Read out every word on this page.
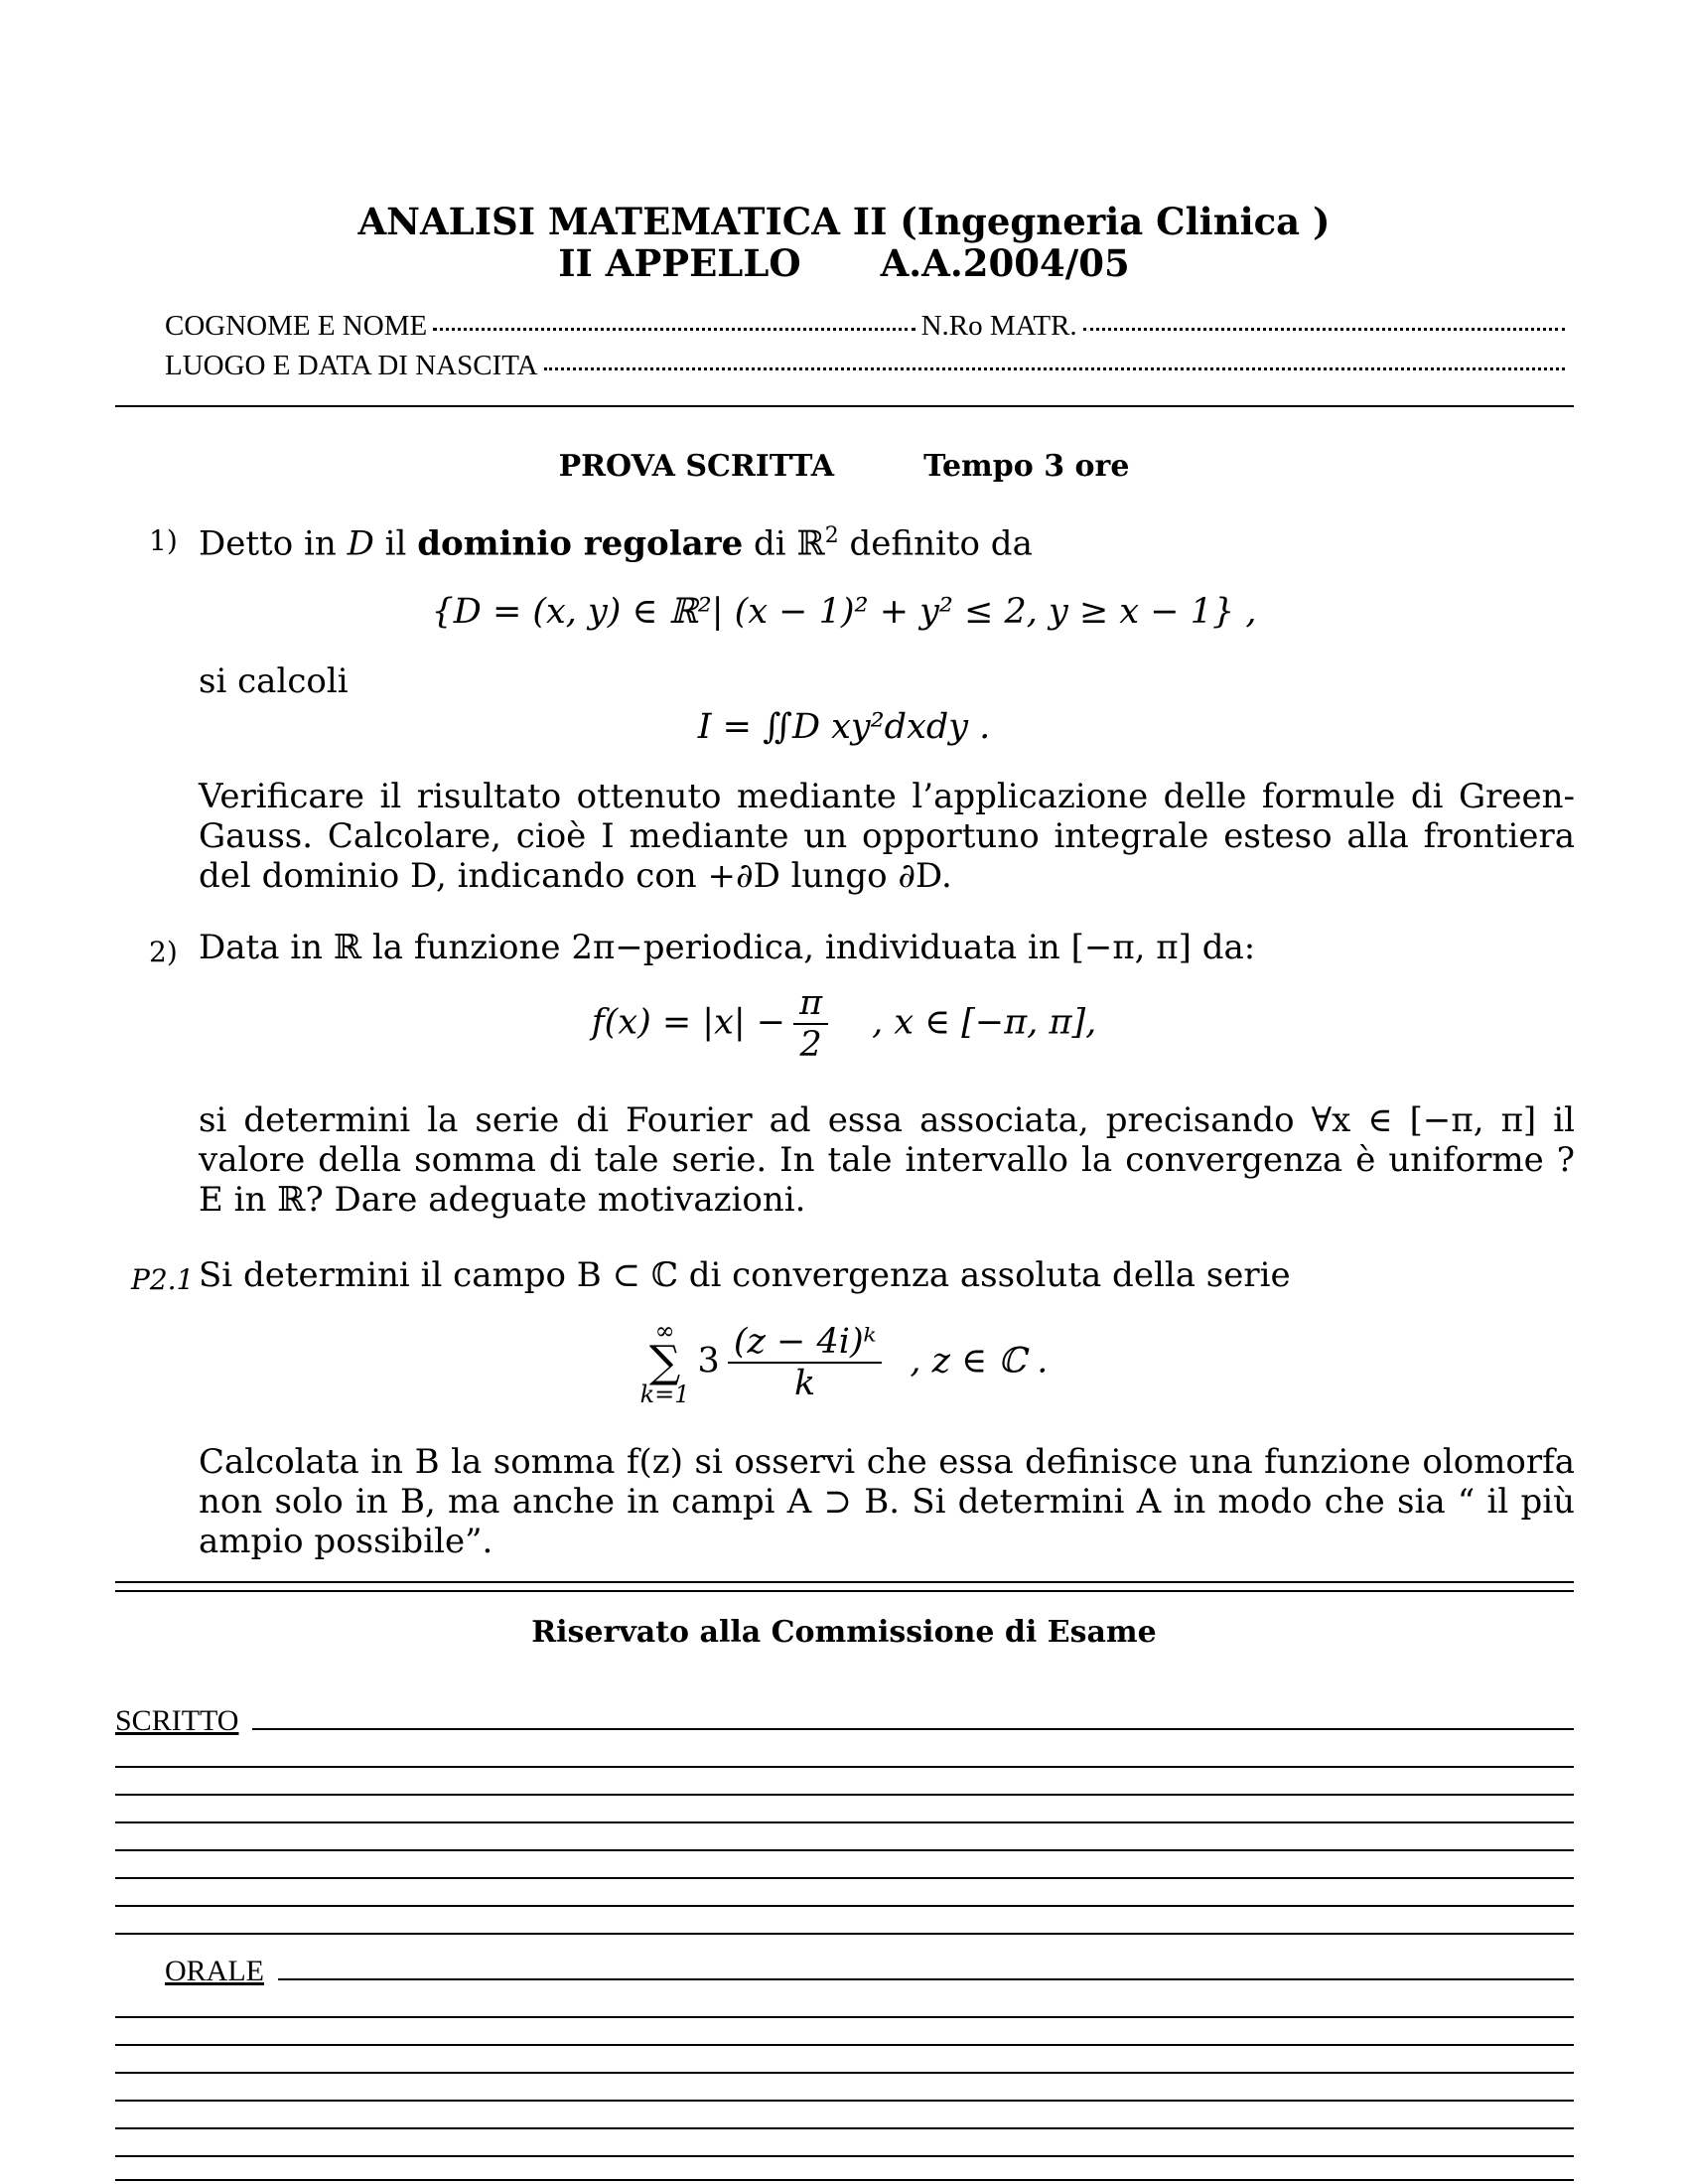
ANALISI MATEMATICA II (Ingegneria Clinica )
II APPELLO A.A.2004/05
COGNOME E NOME	N.Ro MATR.
LUOGO E DATA DI NASCITA
PROVA SCRITTA	Tempo 3 ore
1) Detto in D il dominio regolare di ℝ$^2$ definito da
{D = (x, y) ∈ ℝ²| (x − 1)² + y² ≤ 2, y ≥ x − 1} ,
si calcoli
I = ∬D xy²dxdy .
Verificare il risultato ottenuto mediante l’applicazione delle formule di Green-Gauss. Calcolare, cioè I mediante un opportuno integrale esteso alla frontiera del dominio D, indicando con +∂D lungo ∂D.
2) Data in ℝ la funzione 2π−periodica, individuata in [−π, π] da:
$f(x) = |x| - \frac{\pi}{2}$ , x ∈ [−π, π],
si determini la serie di Fourier ad essa associata, precisando ∀x ∈ [−π, π] il valore della somma di tale serie. In tale intervallo la convergenza è uniforme ? E in ℝ? Dare adeguate motivazioni.
P2.1 Si determini il campo B ⊂ ℂ di convergenza assoluta della serie
∞
∑
k=1
$3 \frac{\text{(z − 4i)ᵏ}}{k}$ , z ∈ ℂ .
Calcolata in B la somma f(z) si osservi che essa definisce una funzione olomorfa non solo in B, ma anche in campi A ⊃ B. Si determini A in modo che sia “ il più ampio possibile”.
Riservato alla Commissione di Esame
SCRITTO
ORALE
